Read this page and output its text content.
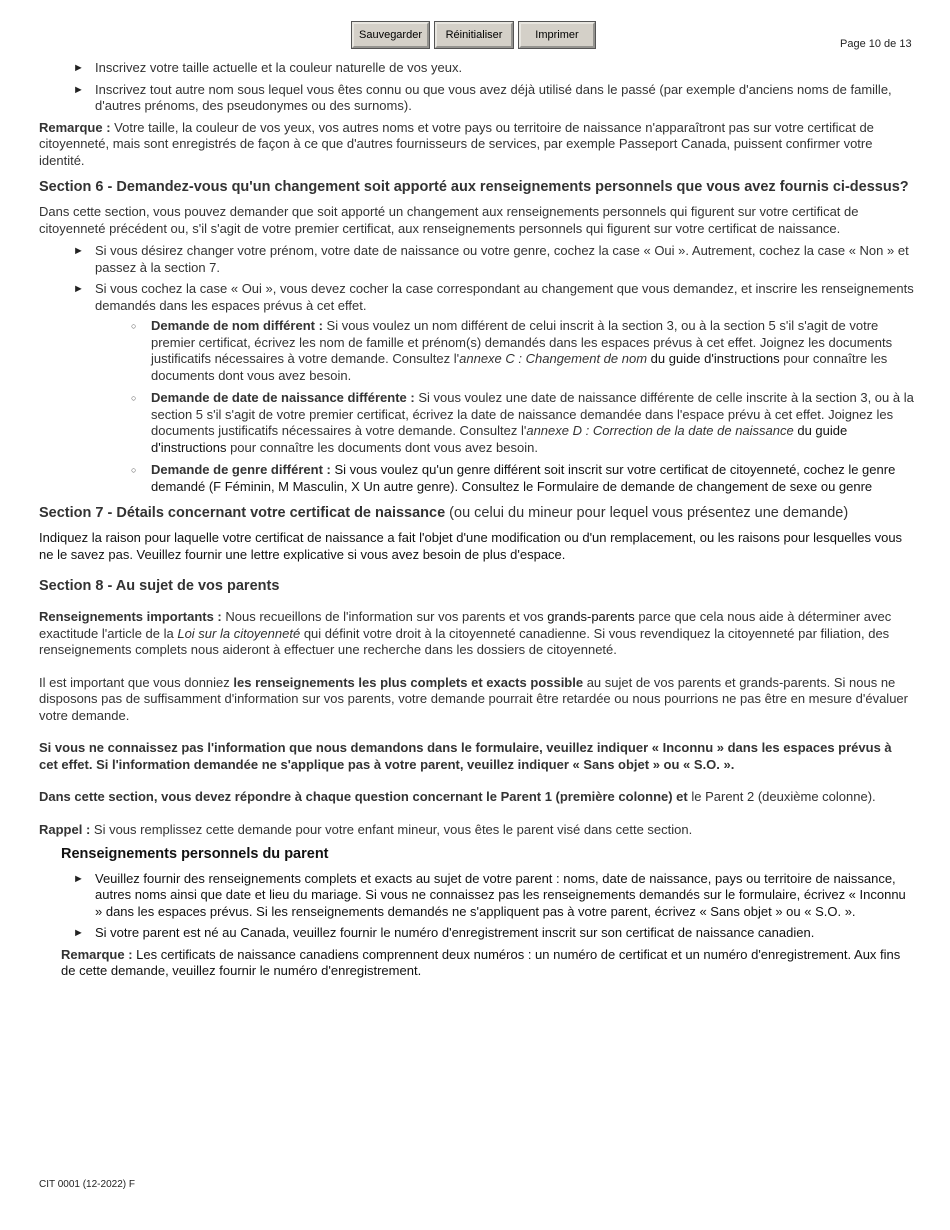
Sauvegarder	Réinitialiser	Imprimer
Page 10 de 13
► Inscrivez votre taille actuelle et la couleur naturelle de vos yeux.
► Inscrivez tout autre nom sous lequel vous êtes connu ou que vous avez déjà utilisé dans le passé (par exemple d'anciens noms de famille, d'autres prénoms, des pseudonymes ou des surnoms).

Remarque : Votre taille, la couleur de vos yeux, vos autres noms et votre pays ou territoire de naissance n'apparaîtront pas sur votre certificat de citoyenneté, mais sont enregistrés de façon à ce que d'autres fournisseurs de services, par exemple Passeport Canada, puissent confirmer votre identité.

Section 6 - Demandez-vous qu'un changement soit apporté aux renseignements personnels que vous avez fournis ci-dessus?

Dans cette section, vous pouvez demander que soit apporté un changement aux renseignements personnels qui figurent sur votre certificat de citoyenneté précédent ou, s'il s'agit de votre premier certificat, aux renseignements personnels qui figurent sur votre certificat de naissance.

► Si vous désirez changer votre prénom, votre date de naissance ou votre genre, cochez la case « Oui ». Autrement, cochez la case « Non » et passez à la section 7.
► Si vous cochez la case « Oui », vous devez cocher la case correspondant au changement que vous demandez, et inscrire les renseignements demandés dans les espaces prévus à cet effet.
○ Demande de nom différent : Si vous voulez un nom différent de celui inscrit à la section 3, ou à la section 5 s'il s'agit de votre premier certificat, écrivez les nom de famille et prénom(s) demandés dans les espaces prévus à cet effet. Joignez les documents justificatifs nécessaires à votre demande. Consultez l'annexe C : Changement de nom du guide d'instructions pour connaître les documents dont vous avez besoin.
○ Demande de date de naissance différente : Si vous voulez une date de naissance différente de celle inscrite à la section 3, ou à la section 5 s'il s'agit de votre premier certificat, écrivez la date de naissance demandée dans l'espace prévu à cet effet. Joignez les documents justificatifs nécessaires à votre demande. Consultez l'annexe D : Correction de la date de naissance du guide d'instructions pour connaître les documents dont vous avez besoin.
○ Demande de genre différent : Si vous voulez qu'un genre différent soit inscrit sur votre certificat de citoyenneté, cochez le genre demandé (F Féminin, M Masculin, X Un autre genre). Consultez le Formulaire de demande de changement de sexe ou genre
Section 7 - Détails concernant votre certificat de naissance (ou celui du mineur pour lequel vous présentez une demande)

Indiquez la raison pour laquelle votre certificat de naissance a fait l'objet d'une modification ou d'un remplacement, ou les raisons pour lesquelles vous ne le savez pas. Veuillez fournir une lettre explicative si vous avez besoin de plus d'espace.

Section 8 - Au sujet de vos parents

Renseignements importants : Nous recueillons de l'information sur vos parents et vos grands-parents parce que cela nous aide à déterminer avec exactitude l'article de la Loi sur la citoyenneté qui définit votre droit à la citoyenneté canadienne. Si vous revendiquez la citoyenneté par filiation, des renseignements complets nous aideront à effectuer une recherche dans les dossiers de citoyenneté.

Il est important que vous donniez les renseignements les plus complets et exacts possible au sujet de vos parents et grands-parents. Si nous ne disposons pas de suffisamment d'information sur vos parents, votre demande pourrait être retardée ou nous pourrions ne pas être en mesure d'évaluer votre demande.

Si vous ne connaissez pas l'information que nous demandons dans le formulaire, veuillez indiquer « Inconnu » dans les espaces prévus à cet effet. Si l'information demandée ne s'applique pas à votre parent, veuillez indiquer « Sans objet » ou « S.O. ».

Dans cette section, vous devez répondre à chaque question concernant le Parent 1 (première colonne) et le Parent 2 (deuxième colonne).

Rappel : Si vous remplissez cette demande pour votre enfant mineur, vous êtes le parent visé dans cette section.

Renseignements personnels du parent
► Veuillez fournir des renseignements complets et exacts au sujet de votre parent : noms, date de naissance, pays ou territoire de naissance, autres noms ainsi que date et lieu du mariage. Si vous ne connaissez pas les renseignements demandés sur le formulaire, écrivez « Inconnu » dans les espaces prévus. Si les renseignements demandés ne s'appliquent pas à votre parent, écrivez « Sans objet » ou « S.O. ».
► Si votre parent est né au Canada, veuillez fournir le numéro d'enregistrement inscrit sur son certificat de naissance canadien.

Remarque : Les certificats de naissance canadiens comprennent deux numéros : un numéro de certificat et un numéro d'enregistrement. Aux fins de cette demande, veuillez fournir le numéro d'enregistrement.

CIT 0001 (12-2022) F
